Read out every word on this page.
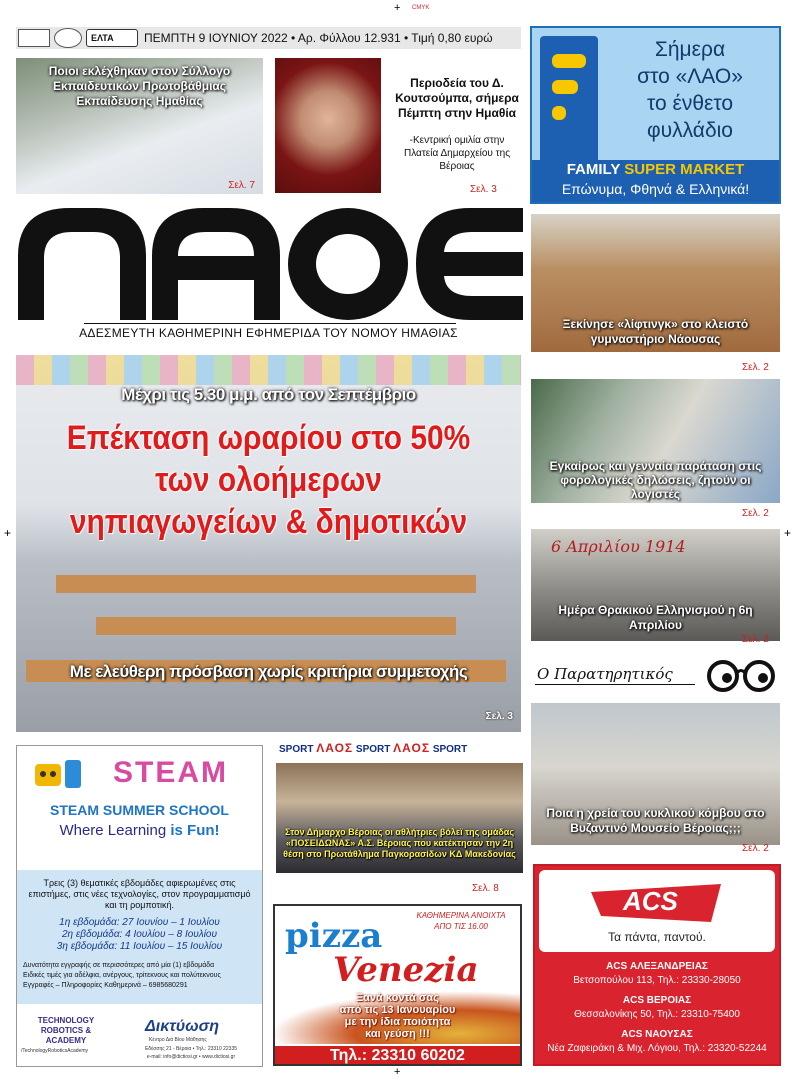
+ CMYK
+	+
+
ΕΛΤΑ	ΠΕΜΠΤΗ 9 ΙΟΥΝΙΟΥ 2022 • Αρ. Φύλλου 12.931 • Τιμή 0,80 ευρώ
Ποιοι εκλέχθηκαν στον Σύλλογο Εκπαιδευτικών Πρωτοβάθμιας Εκπαίδευσης Ημαθίας
Σελ. 7
Περιοδεία του Δ. Κουτσούμπα, σήμερα Πέμπτη στην Ημαθία
-Κεντρική ομιλία στην Πλατεία Δημαρχείου της Βέροιας
Σελ. 3
Σήμερα
στο «ΛΑΟ»
το ένθετο
φυλλάδιο
FAMILY SUPER MARKET
Επώνυμα, Φθηνά & Ελληνικά!
ΑΔΕΣΜΕΥΤΗ ΚΑΘΗΜΕΡΙΝΗ ΕΦΗΜΕΡΙΔΑ ΤΟΥ ΝΟΜΟΥ ΗΜΑΘΙΑΣ
Μέχρι τις 5.30 μ.μ. από τον Σεπτέμβριο
Επέκταση ωραρίου στο 50%
των ολοήμερων
νηπιαγωγείων & δημοτικών
Με ελεύθερη πρόσβαση χωρίς κριτήρια συμμετοχής
Σελ. 3
Ξεκίνησε «λίφτινγκ» στο κλειστό γυμναστήριο Νάουσας
Σελ. 2
Εγκαίρως και γενναία παράταση στις φορολογικές δηλώσεις, ζητούν οι λογιστές
Σελ. 2
6 Απριλίου 1914
Ημέρα Θρακικού Ελληνισμού η 6η Απριλίου
Σελ. 2
Ο Παρατηρητικός
Ποια η χρεία του κυκλικού κόμβου στο Βυζαντινό Μουσείο Βέροιας;;;
Σελ. 2
STEAM
STEAM SUMMER SCHOOL
Where Learning is Fun!
Τρεις (3) θεματικές εβδομάδες αφιερωμένες στις επιστήμες, στις νέες τεχνολογίες, στον προγραμματισμό και τη ρομποτική.
1η εβδομάδα: 27 Ιουνίου – 1 Ιουλίου
2η εβδομάδα: 4 Ιουλίου – 8 Ιουλίου
3η εβδομάδα: 11 Ιουλίου – 15 Ιουλίου
Δυνατότητα εγγραφής σε περισσότερες από μία (1) εβδομάδα
Ειδικές τιμές για αδέλφια, ανέργους, τρίτεκνους και πολύτεκνους
Εγγραφές – Πληροφορίες Καθημερινά – 6985680291
TECHNOLOGY ROBOTICS & ACADEMY
/TechnologyRoboticsAcademy
Δικτύωση
Κέντρο Διά Βίου Μάθησης
Εδέσσης 21 - Βέροια • Τηλ.: 23310 22335
e-mail: info@dictiosi.gr • www.dictiosi.gr
SPORT ΛΑΟΣ SPORT ΛΑΟΣ SPORT
Στον Δήμαρχο Βέροιας οι αθλήτριες βόλεϊ της ομάδας «ΠΟΣΕΙΔΩΝΑΣ» Α.Σ. Βέροιας που κατέκτησαν την 2η θέση στο Πρωτάθλημα Παγκορασίδων ΚΔ Μακεδονίας
Σελ. 8
ΚΑΘΗΜΕΡΙΝΑ ΑΝΟΙΧΤΑ
ΑΠΟ ΤΙΣ 16.00
pizza
Venezia
Ξανά κοντά σας
από τις 13 Ιανουαρίου
με την ίδια ποιότητα
και γεύση !!!
Τηλ.: 23310 60202
ACS
Τα πάντα, παντού.
ACS ΑΛΕΞΑΝΔΡΕΙΑΣ
Βετσοπούλου 113, Τηλ.: 23330-28050
ACS ΒΕΡΟΙΑΣ
Θεσσαλονίκης 50, Τηλ.: 23310-75400
ACS ΝΑΟΥΣΑΣ
Νέα Ζαφειράκη & Μιχ. Λόγιου, Τηλ.: 23320-52244
